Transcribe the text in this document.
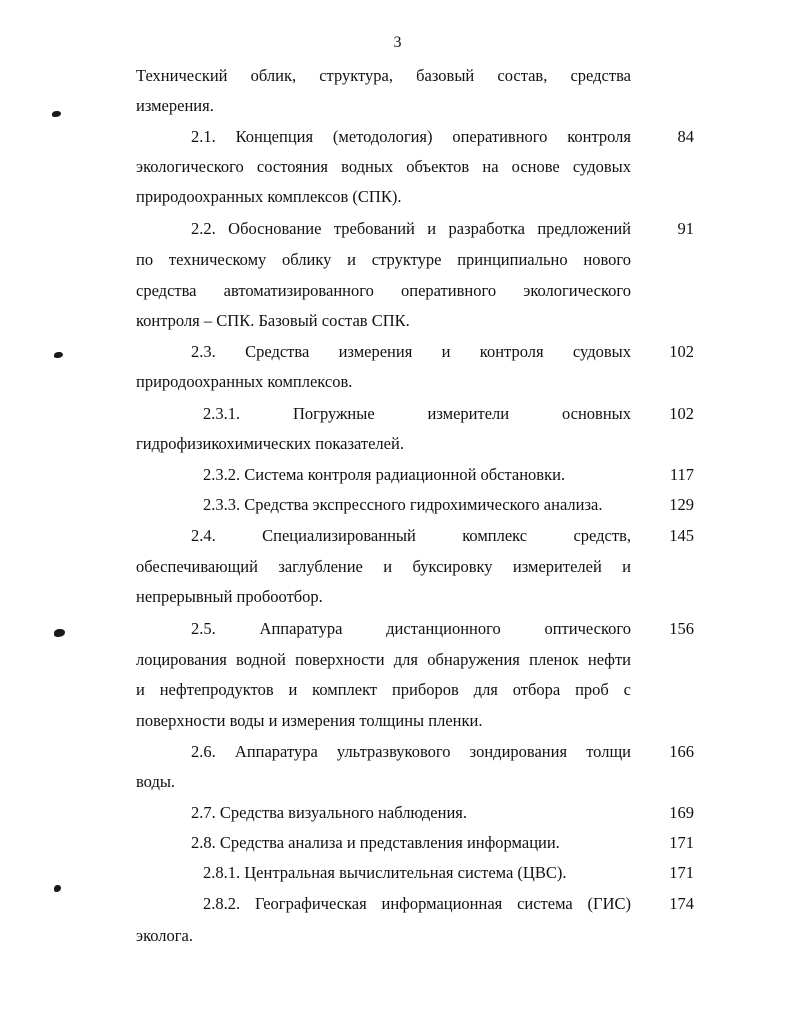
3
Технический облик, структура, базовый состав, средства
измерения.
2.1. Концепция (методология) оперативного контроля	84
экологического состояния водных объектов на основе судовых
природоохранных комплексов (СПК).
2.2. Обоснование требований и разработка предложений	91
по техническому облику и структуре принципиально нового
средства автоматизированного оперативного экологического
контроля – СПК. Базовый состав СПК.
2.3. Средства измерения и контроля судовых	102
природоохранных комплексов.
2.3.1. Погружные измерители основных	102
гидрофизикохимических показателей.
2.3.2. Система контроля радиационной обстановки.	117
2.3.3. Средства экспрессного гидрохимического анализа.	129
2.4. Специализированный комплекс средств,	145
обеспечивающий заглубление и буксировку измерителей и
непрерывный пробоотбор.
2.5. Аппаратура дистанционного оптического	156
лоцирования водной поверхности для обнаружения пленок нефти
и нефтепродуктов и комплект приборов для отбора проб с
поверхности воды и измерения толщины пленки.
2.6. Аппаратура ультразвукового зондирования толщи	166
воды.
2.7. Средства визуального наблюдения.	169
2.8. Средства анализа и представления информации.	171
2.8.1. Центральная вычислительная система (ЦВС).	171
2.8.2. Географическая информационная система (ГИС)	174
эколога.
